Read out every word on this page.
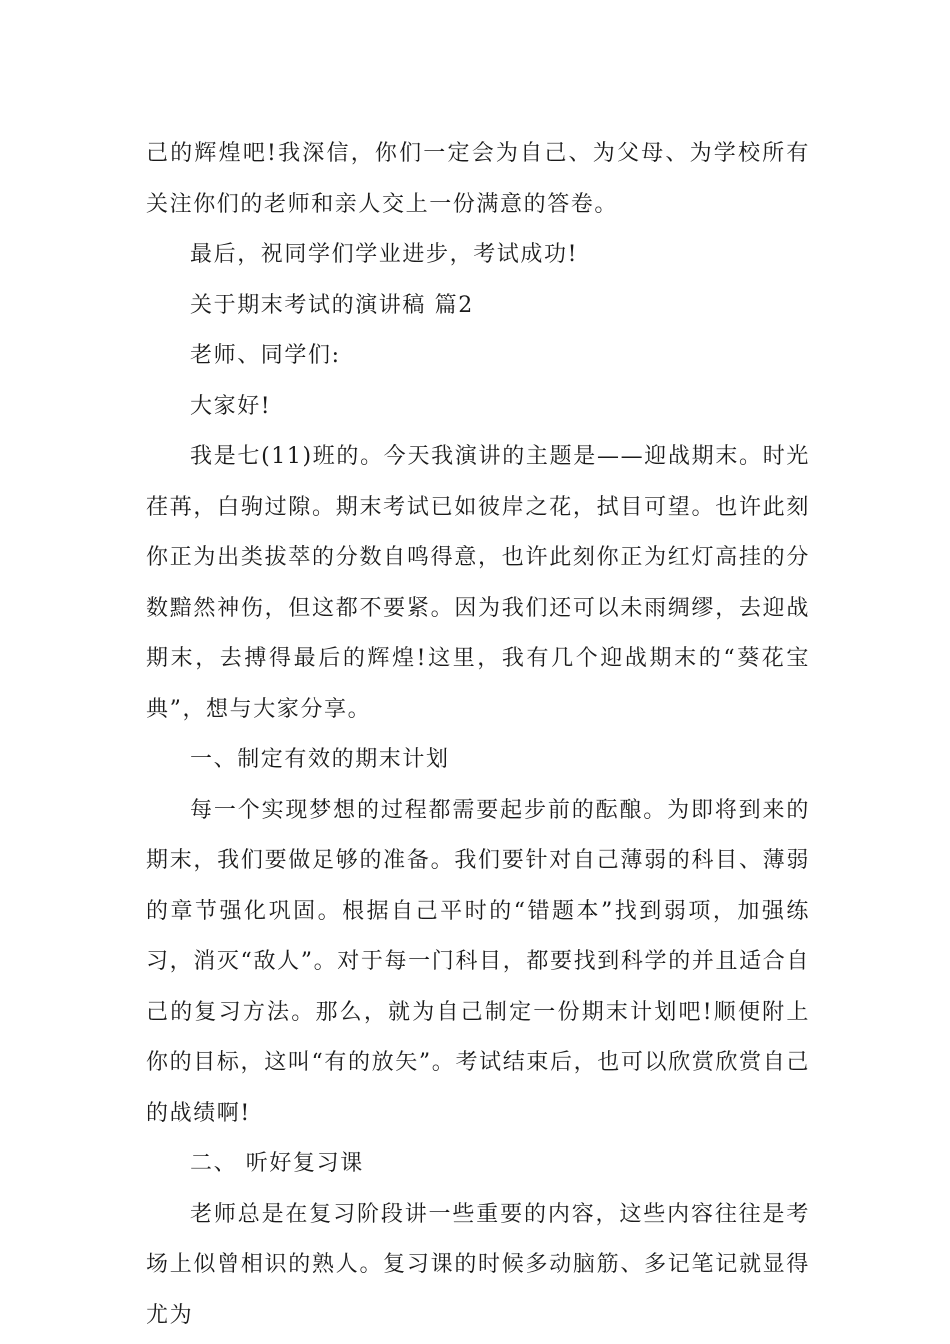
己的辉煌吧!我深信，你们一定会为自己、为父母、为学校所有关注你们的老师和亲人交上一份满意的答卷。

最后，祝同学们学业进步，考试成功!

关于期末考试的演讲稿 篇2

老师、同学们:

大家好!

我是七(11)班的。今天我演讲的主题是——迎战期末。时光荏苒，白驹过隙。期末考试已如彼岸之花，拭目可望。也许此刻你正为出类拔萃的分数自鸣得意，也许此刻你正为红灯高挂的分数黯然神伤，但这都不要紧。因为我们还可以未雨绸缪，去迎战期末，去搏得最后的辉煌!这里，我有几个迎战期末的“葵花宝典”，想与大家分享。

一、制定有效的期末计划

每一个实现梦想的过程都需要起步前的酝酿。为即将到来的期末，我们要做足够的准备。我们要针对自己薄弱的科目、薄弱的章节强化巩固。根据自己平时的“错题本”找到弱项，加强练习，消灭“敌人”。对于每一门科目，都要找到科学的并且适合自己的复习方法。那么，就为自己制定一份期末计划吧!顺便附上你的目标，这叫“有的放矢”。考试结束后，也可以欣赏欣赏自己的战绩啊!

二、 听好复习课

老师总是在复习阶段讲一些重要的内容，这些内容往往是考场上似曾相识的熟人。复习课的时候多动脑筋、多记笔记就显得尤为
